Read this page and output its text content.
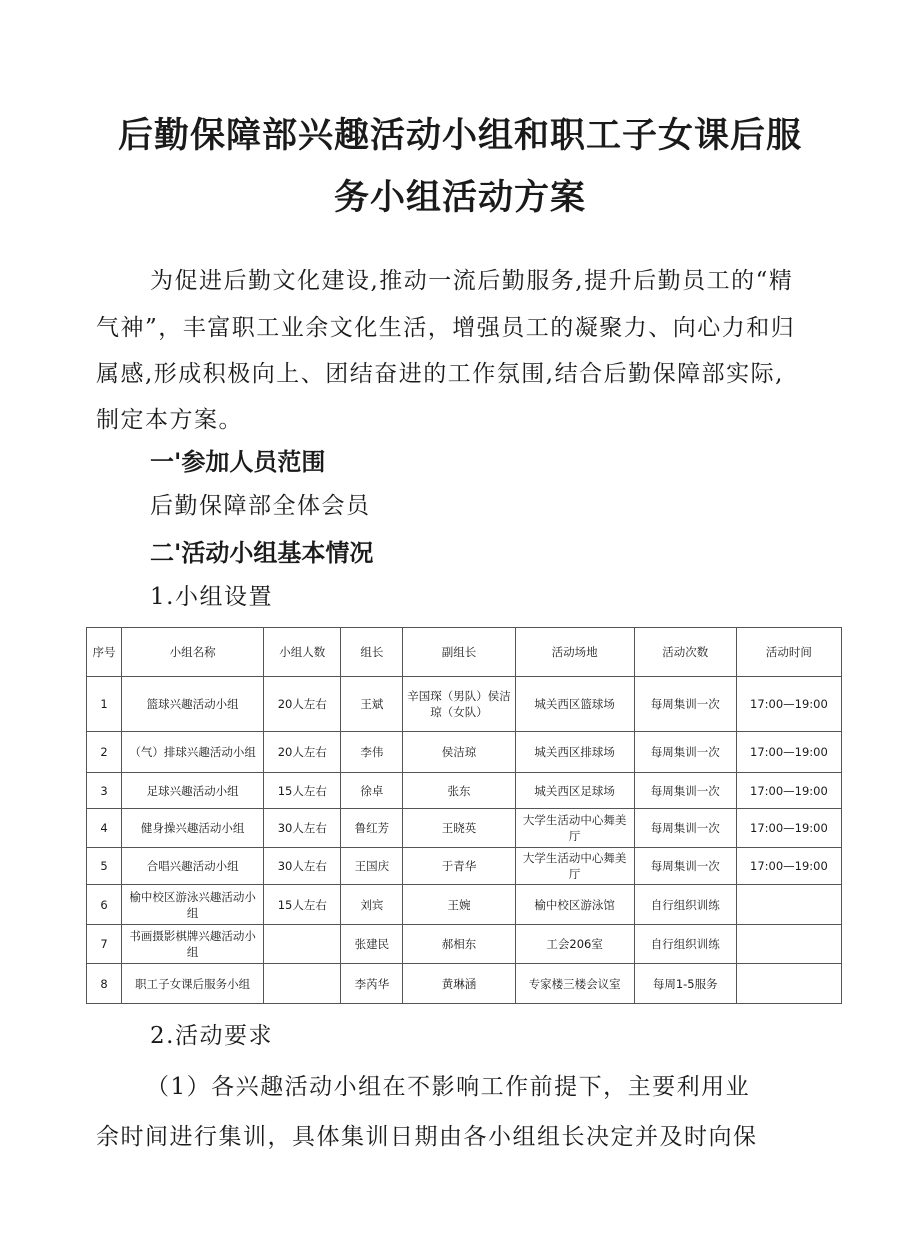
后勤保障部兴趣活动小组和职工子女课后服
务小组活动方案
为促进后勤文化建设,推动一流后勤服务,提升后勤员工的“精
气神”，丰富职工业余文化生活，增强员工的凝聚力、向心力和归
属感,形成积极向上、团结奋进的工作氛围,结合后勤保障部实际,
制定本方案。
一'参加人员范围
后勤保障部全体会员
二'活动小组基本情况
1.小组设置
序号	小组名称	小组人数	组长	副组长	活动场地	活动次数	活动时间
1	篮球兴趣活动小组	20人左右	王斌	辛国琛（男队）侯洁琼（女队）	城关西区篮球场	每周集训一次	17:00—19:00
2	（气）排球兴趣活动小组	20人左右	李伟	侯洁琼	城关西区排球场	每周集训一次	17:00—19:00
3	足球兴趣活动小组	15人左右	徐卓	张东	城关西区足球场	每周集训一次	17:00—19:00
4	健身操兴趣活动小组	30人左右	鲁红芳	王晓英	大学生活动中心舞美厅	每周集训一次	17:00—19:00
5	合唱兴趣活动小组	30人左右	王国庆	于青华	大学生活动中心舞美厅	每周集训一次	17:00—19:00
6	榆中校区游泳兴趣活动小组	15人左右	刘宾	王婉	榆中校区游泳馆	自行组织训练	
7	书画摄影棋牌兴趣活动小组		张建民	郝相东	工会206室	自行组织训练	
8	职工子女课后服务小组		李芮华	黄琳涵	专家楼三楼会议室	每周1-5服务	
2.活动要求
（1）各兴趣活动小组在不影响工作前提下，主要利用业
余时间进行集训，具体集训日期由各小组组长决定并及时向保
